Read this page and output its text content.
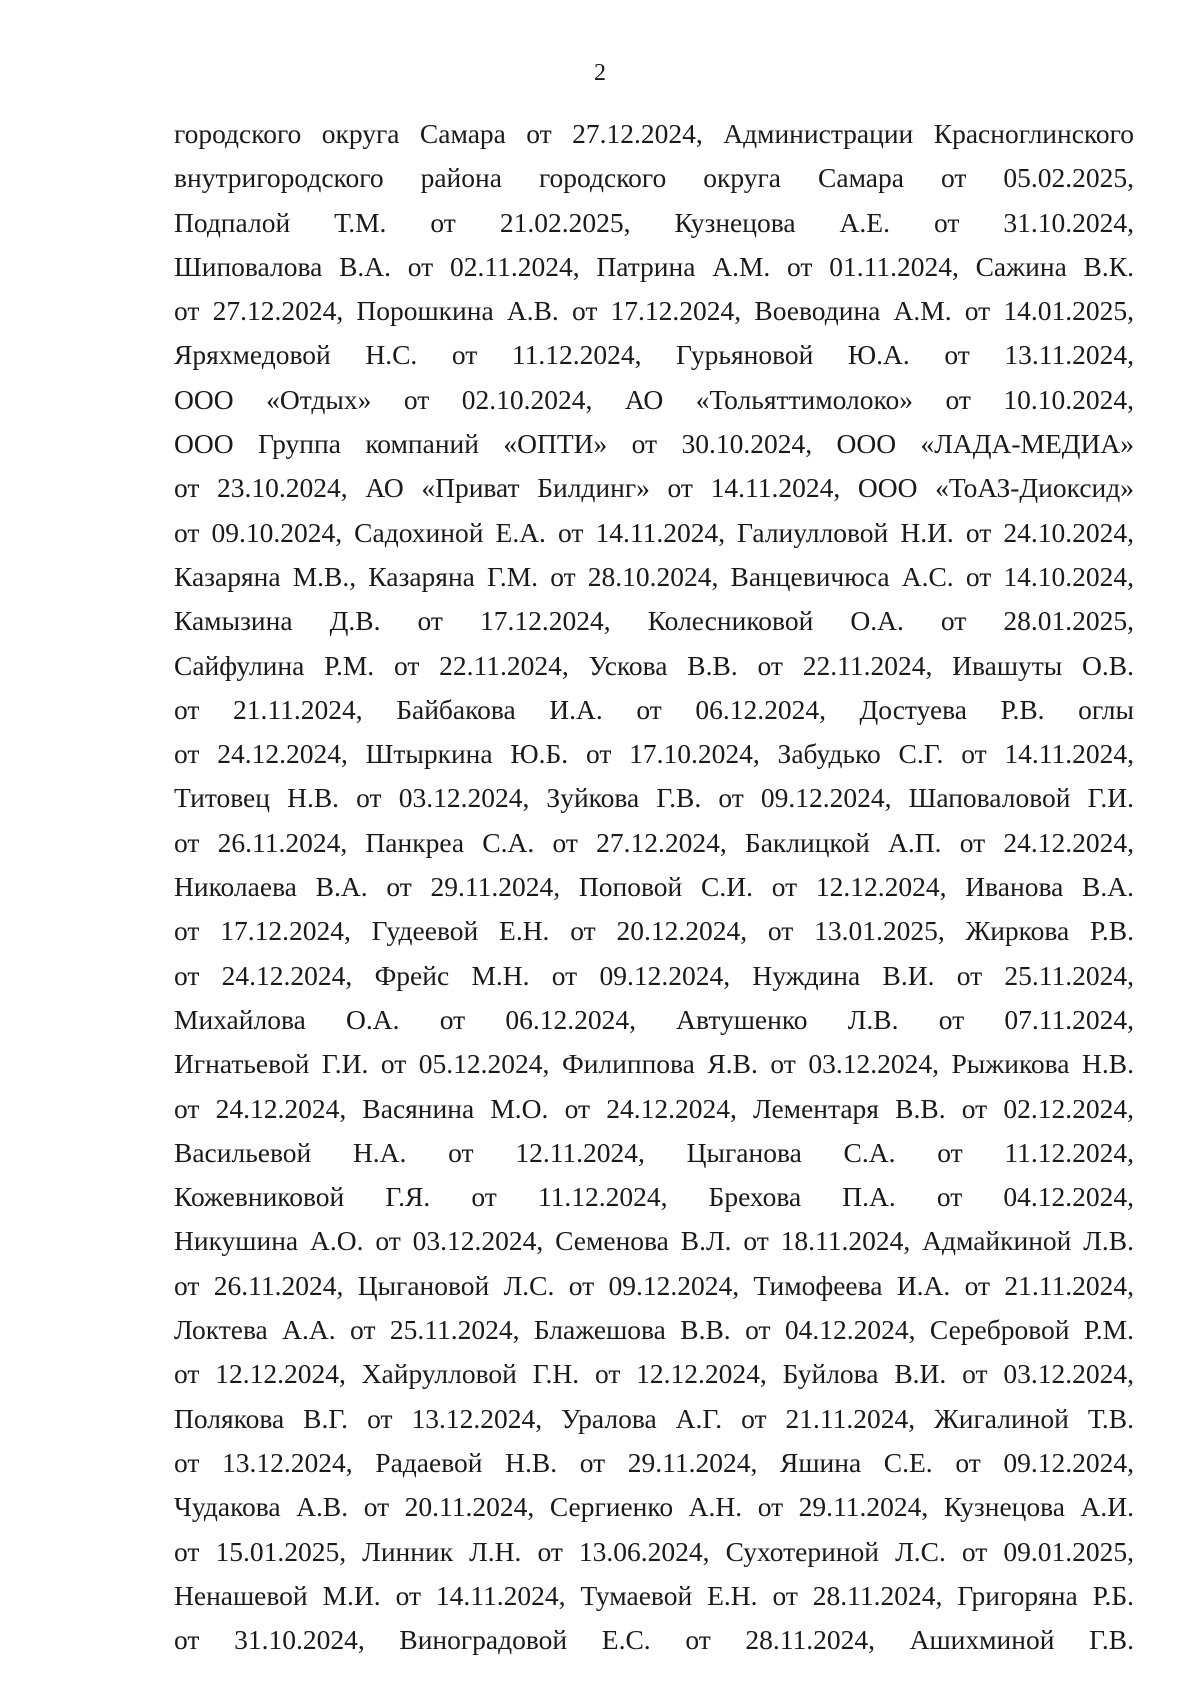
2
городского округа Самара от 27.12.2024, Администрации Красноглинского
внутригородского района городского округа Самара от 05.02.2025,
Подпалой Т.М. от 21.02.2025, Кузнецова А.Е. от 31.10.2024,
Шиповалова В.А. от 02.11.2024, Патрина А.М. от 01.11.2024, Сажина В.К.
от 27.12.2024, Порошкина А.В. от 17.12.2024, Воеводина А.М. от 14.01.2025,
Яряхмедовой Н.С. от 11.12.2024, Гурьяновой Ю.А. от 13.11.2024,
ООО «Отдых» от 02.10.2024, АО «Тольяттимолоко» от 10.10.2024,
ООО Группа компаний «ОПТИ» от 30.10.2024, ООО «ЛАДА-МЕДИА»
от 23.10.2024, АО «Приват Билдинг» от 14.11.2024, ООО «ТоАЗ-Диоксид»
от 09.10.2024, Садохиной Е.А. от 14.11.2024, Галиулловой Н.И. от 24.10.2024,
Казаряна М.В., Казаряна Г.М. от 28.10.2024, Ванцевичюса А.С. от 14.10.2024,
Камызина Д.В. от 17.12.2024, Колесниковой О.А. от 28.01.2025,
Сайфулина Р.М. от 22.11.2024, Ускова В.В. от 22.11.2024, Ивашуты О.В.
от 21.11.2024, Байбакова И.А. от 06.12.2024, Достуева Р.В. оглы
от 24.12.2024, Штыркина Ю.Б. от 17.10.2024, Забудько С.Г. от 14.11.2024,
Титовец Н.В. от 03.12.2024, Зуйкова Г.В. от 09.12.2024, Шаповаловой Г.И.
от 26.11.2024, Панкреа С.А. от 27.12.2024, Баклицкой А.П. от 24.12.2024,
Николаева В.А. от 29.11.2024, Поповой С.И. от 12.12.2024, Иванова В.А.
от 17.12.2024, Гудеевой Е.Н. от 20.12.2024, от 13.01.2025, Жиркова Р.В.
от 24.12.2024, Фрейс М.Н. от 09.12.2024, Нуждина В.И. от 25.11.2024,
Михайлова О.А. от 06.12.2024, Автушенко Л.В. от 07.11.2024,
Игнатьевой Г.И. от 05.12.2024, Филиппова Я.В. от 03.12.2024, Рыжикова Н.В.
от 24.12.2024, Васянина М.О. от 24.12.2024, Лементаря В.В. от 02.12.2024,
Васильевой Н.А. от 12.11.2024, Цыганова С.А. от 11.12.2024,
Кожевниковой Г.Я. от 11.12.2024, Брехова П.А. от 04.12.2024,
Никушина А.О. от 03.12.2024, Семенова В.Л. от 18.11.2024, Адмайкиной Л.В.
от 26.11.2024, Цыгановой Л.С. от 09.12.2024, Тимофеева И.А. от 21.11.2024,
Локтева А.А. от 25.11.2024, Блажешова В.В. от 04.12.2024, Серебровой Р.М.
от 12.12.2024, Хайрулловой Г.Н. от 12.12.2024, Буйлова В.И. от 03.12.2024,
Полякова В.Г. от 13.12.2024, Уралова А.Г. от 21.11.2024, Жигалиной Т.В.
от 13.12.2024, Радаевой Н.В. от 29.11.2024, Яшина С.Е. от 09.12.2024,
Чудакова А.В. от 20.11.2024, Сергиенко А.Н. от 29.11.2024, Кузнецова А.И.
от 15.01.2025, Линник Л.Н. от 13.06.2024, Сухотериной Л.С. от 09.01.2025,
Ненашевой М.И. от 14.11.2024, Тумаевой Е.Н. от 28.11.2024, Григоряна Р.Б.
от 31.10.2024, Виноградовой Е.С. от 28.11.2024, Ашихминой Г.В.
